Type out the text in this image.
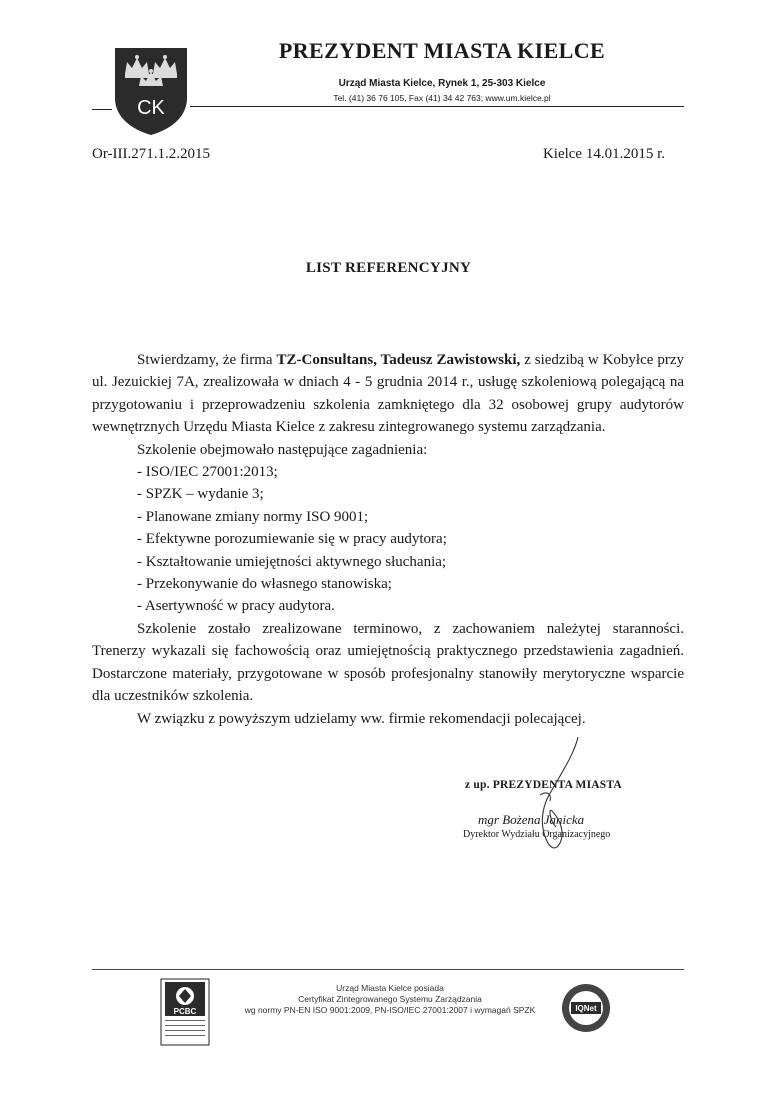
CK
PREZYDENT MIASTA KIELCE
Urząd Miasta Kielce, Rynek 1, 25-303 Kielce
Tel. (41) 36 76 105, Fax (41) 34 42 763; www.um.kielce.pl
Or-III.271.1.2.2015	Kielce 14.01.2015 r.
LIST REFERENCYJNY

Stwierdzamy, że firma TZ-Consultans, Tadeusz Zawistowski, z siedzibą w Kobyłce przy ul. Jezuickiej 7A, zrealizowała w dniach 4 - 5 grudnia 2014 r., usługę szkoleniową polegającą na przygotowaniu i przeprowadzeniu szkolenia zamkniętego dla 32 osobowej grupy audytorów wewnętrznych Urzędu Miasta Kielce z zakresu zintegrowanego systemu zarządzania.

Szkolenie obejmowało następujące zagadnienia:

- ISO/IEC 27001:2013;
- SPZK – wydanie 3;
- Planowane zmiany normy ISO 9001;
- Efektywne porozumiewanie się w pracy audytora;
- Kształtowanie umiejętności aktywnego słuchania;
- Przekonywanie do własnego stanowiska;
- Asertywność w pracy audytora.

Szkolenie zostało zrealizowane terminowo, z zachowaniem należytej staranności. Trenerzy wykazali się fachowością oraz umiejętnością praktycznego przedstawienia zagadnień. Dostarczone materiały, przygotowane w sposób profesjonalny stanowiły merytoryczne wsparcie dla uczestników szkolenia.

W związku z powyższym udzielamy ww. firmie rekomendacji polecającej.

z up. PREZYDENTA MIASTA
mgr Bożena Janicka
Dyrektor Wydziału Organizacyjnego
PCBC
Urząd Miasta Kielce posiada
Certyfikat Zintegrowanego Systemu Zarządzania
wg normy PN-EN ISO 9001:2009, PN-ISO/IEC 27001:2007 i wymagań SPZK	IQNet
